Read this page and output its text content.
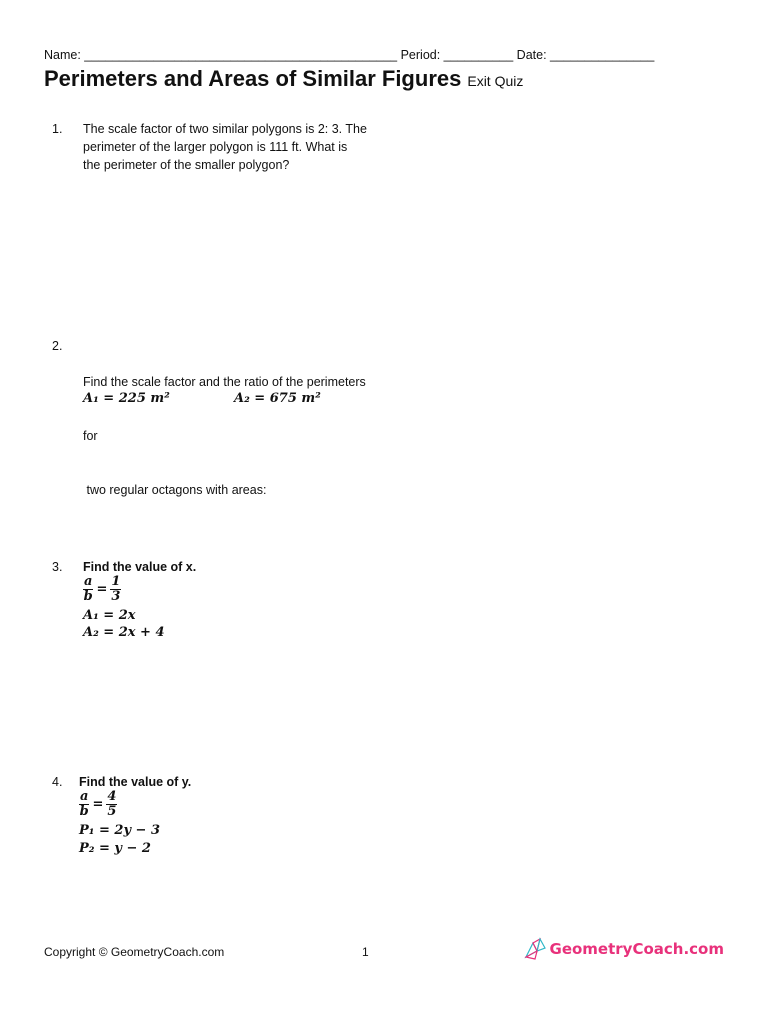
Name: _____________________________________________ Period: __________ Date: _______________
Perimeters and Areas of Similar Figures Exit Quiz
1. The scale factor of two similar polygons is 2: 3. The
perimeter of the larger polygon is 111 ft. What is
the perimeter of the smaller polygon?
2.

Find the scale factor and the ratio of the perimeters

for

two regular octagons with areas:

A₁ = 225 m²	A₂ = 675 m²
3. Find the value of x.
$\frac{a}{b} = \frac{1}{3}$
A₁ = 2x
A₂ = 2x + 4
4. Find the value of y.
$\frac{a}{b} = \frac{4}{5}$
P₁ = 2y − 3
P₂ = y − 2
Copyright © GeometryCoach.com	1	GeometryCoach.com
